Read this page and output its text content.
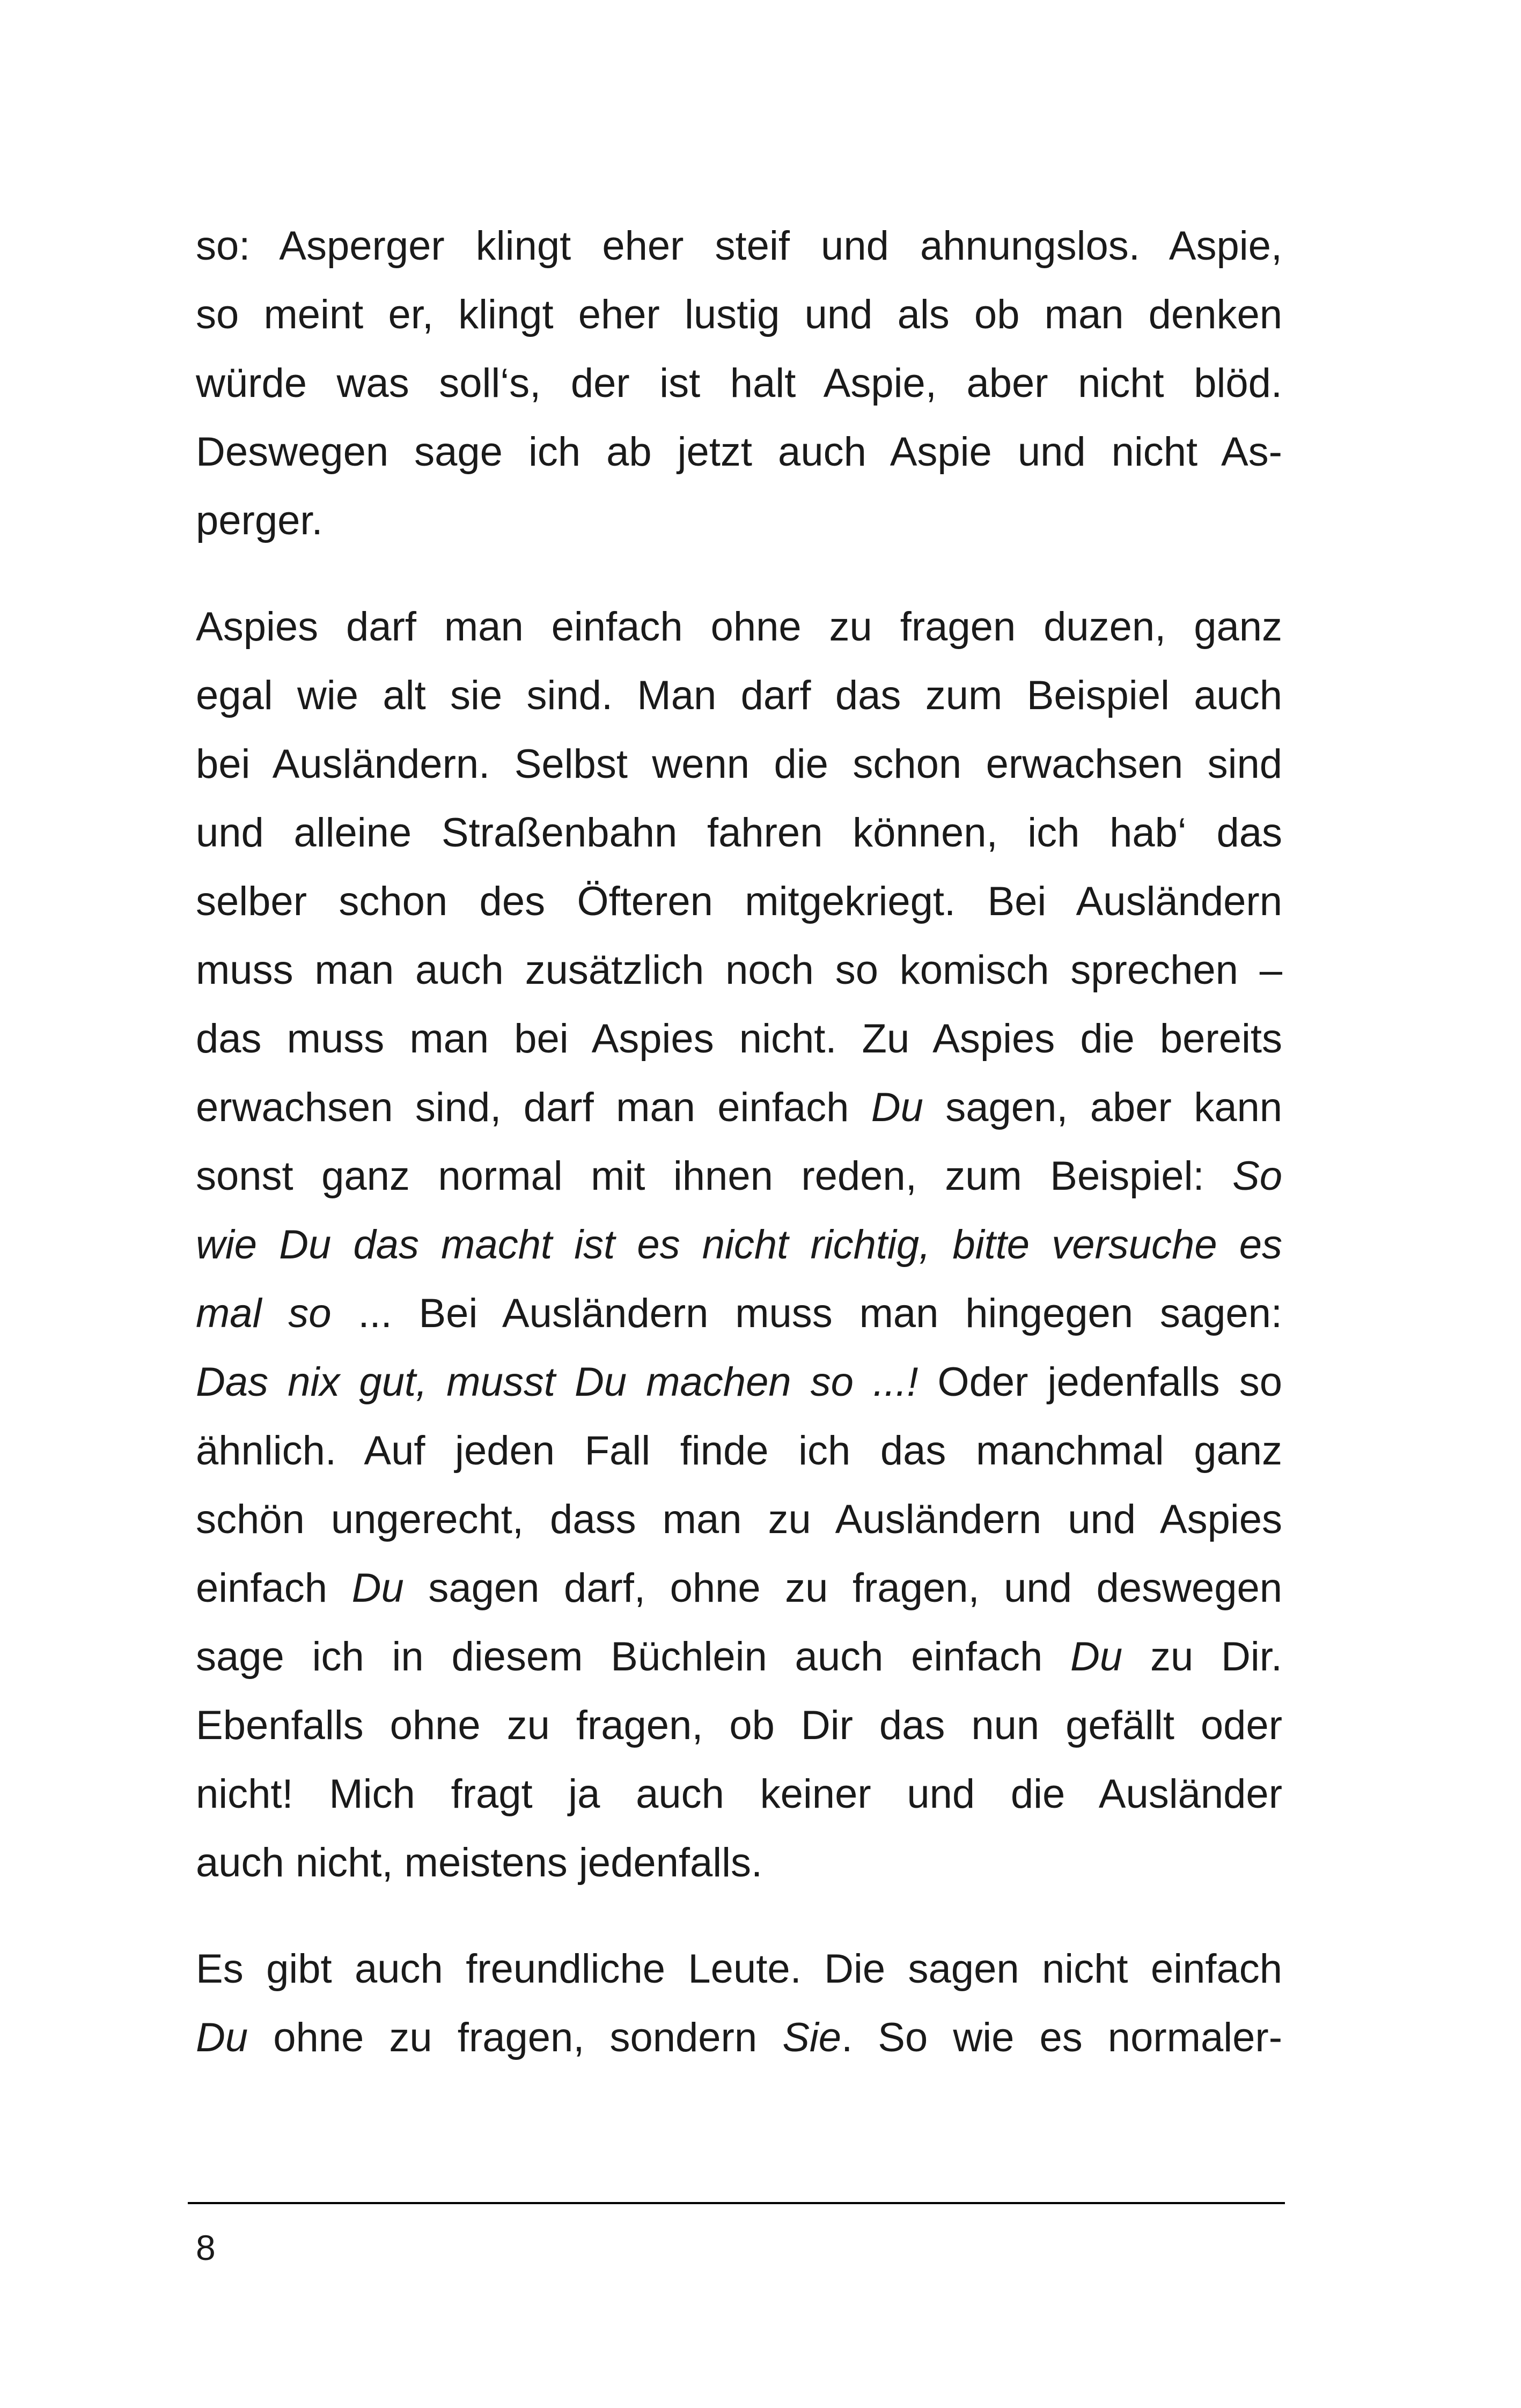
so: Asperger klingt eher steif und ahnungslos. Aspie,
so meint er, klingt eher lustig und als ob man denken
würde was soll‘s, der ist halt Aspie, aber nicht blöd.
Deswegen sage ich ab jetzt auch Aspie und nicht As-
perger.
Aspies darf man einfach ohne zu fragen duzen, ganz
egal wie alt sie sind. Man darf das zum Beispiel auch
bei Ausländern. Selbst wenn die schon erwachsen sind
und alleine Straßenbahn fahren können, ich hab‘ das
selber schon des Öfteren mitgekriegt. Bei Ausländern
muss man auch zusätzlich noch so komisch sprechen –
das muss man bei Aspies nicht. Zu Aspies die bereits
erwachsen sind, darf man einfach Du sagen, aber kann
sonst ganz normal mit ihnen reden, zum Beispiel: So
wie Du das macht ist es nicht richtig, bitte versuche es
mal so ... Bei Ausländern muss man hingegen sagen:
Das nix gut, musst Du machen so ...! Oder jedenfalls so
ähnlich. Auf jeden Fall finde ich das manchmal ganz
schön ungerecht, dass man zu Ausländern und Aspies
einfach Du sagen darf, ohne zu fragen, und deswegen
sage ich in diesem Büchlein auch einfach Du zu Dir.
Ebenfalls ohne zu fragen, ob Dir das nun gefällt oder
nicht! Mich fragt ja auch keiner und die Ausländer
auch nicht, meistens jedenfalls.
Es gibt auch freundliche Leute. Die sagen nicht einfach
Du ohne zu fragen, sondern Sie. So wie es normaler-
8
